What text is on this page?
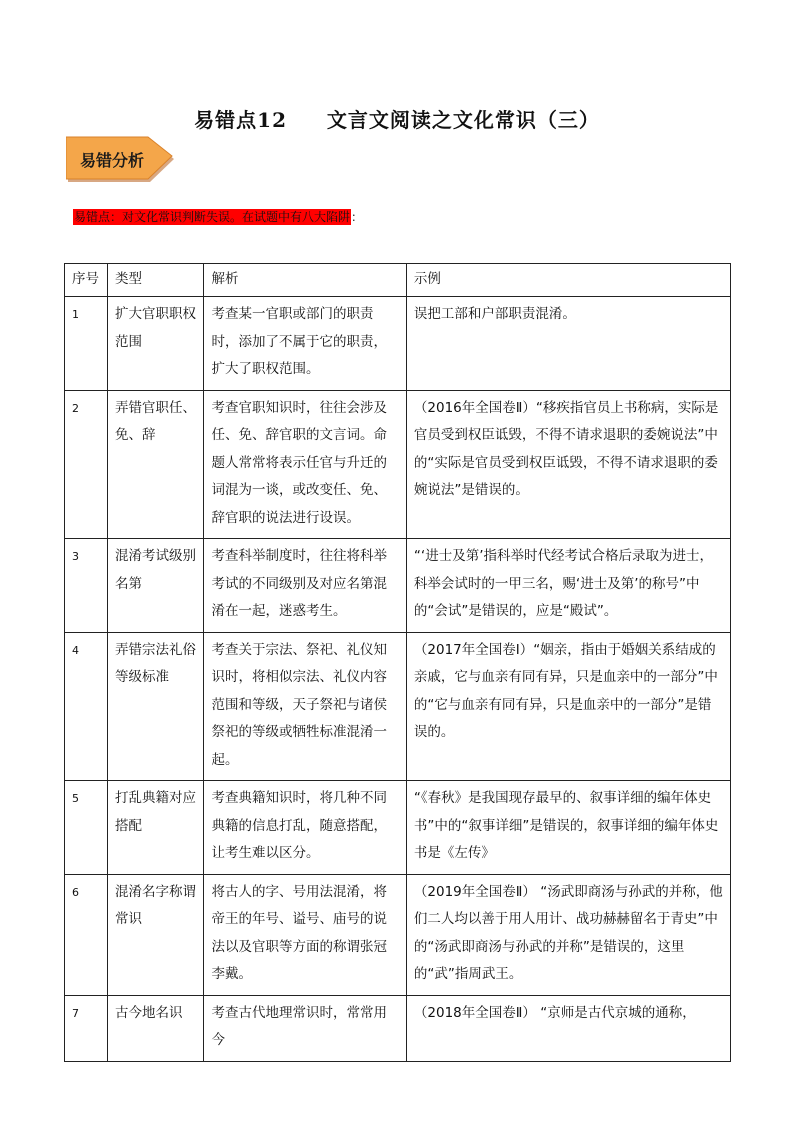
易错点12     文言文阅读之文化常识（三）
易错分析
易错点：对文化常识判断失误。在试题中有八大陷阱：
序号	类型	解析	示例
1	扩大官职职权范围	考查某一官职或部门的职责时，添加了不属于它的职责，扩大了职权范围。	误把工部和户部职责混淆。
2	弄错官职任、免、辞	考查官职知识时，往往会涉及任、免、辞官职的文言词。命题人常常将表示任官与升迁的词混为一谈，或改变任、免、辞官职的说法进行设误。	（2016年全国卷Ⅱ）“移疾指官员上书称病，实际是官员受到权臣诋毁，不得不请求退职的委婉说法”中的“实际是官员受到权臣诋毁，不得不请求退职的委婉说法”是错误的。
3	混淆考试级别名第	考查科举制度时，往往将科举考试的不同级别及对应名第混淆在一起，迷惑考生。	“‘进士及第’指科举时代经考试合格后录取为进士，科举会试时的一甲三名，赐‘进士及第’的称号”中的“会试”是错误的，应是“殿试”。
4	弄错宗法礼俗等级标准	考查关于宗法、祭祀、礼仪知识时，将相似宗法、礼仪内容范围和等级，天子祭祀与诸侯祭祀的等级或牺牲标准混淆一起。	（2017年全国卷Ⅰ）“姻亲，指由于婚姻关系结成的亲戚，它与血亲有同有异，只是血亲中的一部分”中的“它与血亲有同有异，只是血亲中的一部分”是错误的。
5	打乱典籍对应搭配	考查典籍知识时，将几种不同典籍的信息打乱，随意搭配，让考生难以区分。	“《春秋》是我国现存最早的、叙事详细的编年体史书”中的“叙事详细”是错误的，叙事详细的编年体史书是《左传》
6	混淆名字称谓常识	将古人的字、号用法混淆，将帝王的年号、谥号、庙号的说法以及官职等方面的称谓张冠李戴。	（2019年全国卷Ⅱ） “汤武即商汤与孙武的并称，他们二人均以善于用人用计、战功赫赫留名于青史”中的“汤武即商汤与孙武的并称”是错误的，这里的“武”指周武王。
7	古今地名识	考查古代地理常识时，常常用今	（2018年全国卷Ⅱ） “京师是古代京城的通称，
